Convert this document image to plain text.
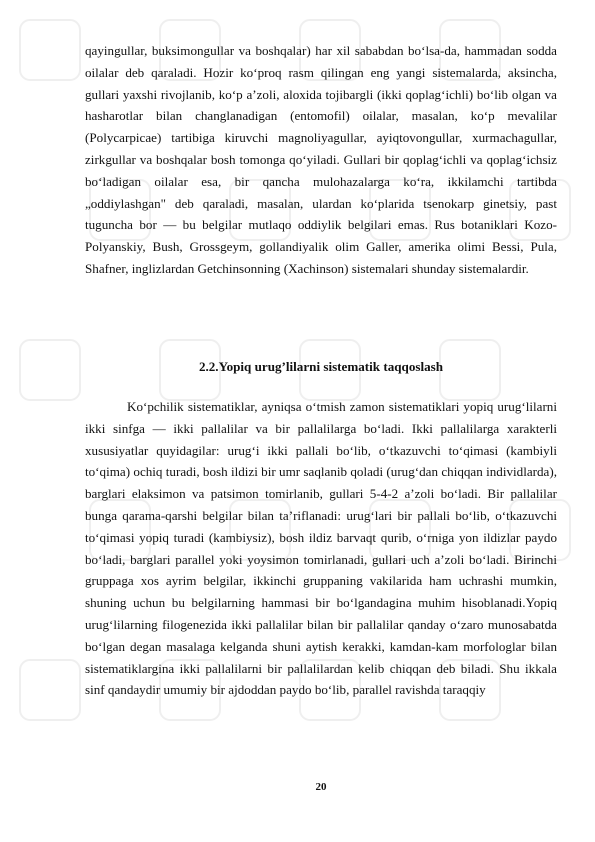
qayingullar, buksimongullar va boshqalar) har xil sababdan bo‘lsa-da, hammadan sodda oilalar deb qaraladi. Hozir ko‘proq rasm qilingan eng yangi sistemalarda, aksincha, gullari yaxshi rivojlanib, ko‘p a’zoli, aloxida tojibargli (ikki qoplag‘ichli) bo‘lib olgan va hasharotlar bilan changlanadigan (entomofil) oilalar, masalan, ko‘p mevalilar (Polycarpicae) tartibiga kiruvchi magnoliyagullar, ayiqtovongullar, xurmachagullar, zirkgullar va boshqalar bosh tomonga qo‘yiladi. Gullari bir qoplag‘ichli va qoplag‘ichsiz bo‘ladigan oilalar esa, bir qancha mulohazalarga ko‘ra, ikkilamchi tartibda „oddiylashgan" deb qaraladi, masalan, ulardan ko‘plarida tsenokarp ginetsiy, past tuguncha bor — bu belgilar mutlaqo oddiylik belgilari emas. Rus botaniklari Kozo-Polyanskiy, Bush, Grossgeym, gollandiyalik olim Galler, amerika olimi Bessi, Pula, Shafner, inglizlardan Getchinsonning (Xachinson) sistemalari shunday sistemalardir.
2.2.Yopiq urug’lilarni sistematik taqqoslash
Ko‘pchilik sistematiklar, ayniqsa o‘tmish zamon sistematiklari yopiq urug‘lilarni ikki sinfga — ikki pallalilar va bir pallalilarga bo‘ladi. Ikki pallalilarga xarakterli xususiyatlar quyidagilar: urug‘i ikki pallali bo‘lib, o‘tkazuvchi to‘qimasi (kambiyli to‘qima) ochiq turadi, bosh ildizi bir umr saqlanib qoladi (urug‘dan chiqqan individlarda), barglari elaksimon va patsimon tomirlanib, gullari 5-4-2 a’zoli bo‘ladi. Bir pallalilar bunga qarama-qarshi belgilar bilan ta’riflanadi: urug‘lari bir pallali bo‘lib, o‘tkazuvchi to‘qimasi yopiq turadi (kambiysiz), bosh ildiz barvaqt qurib, o‘rniga yon ildizlar paydo bo‘ladi, barglari parallel yoki yoysimon tomirlanadi, gullari uch a’zoli bo‘ladi. Birinchi gruppaga xos ayrim belgilar, ikkinchi gruppaning vakilarida ham uchrashi mumkin, shuning uchun bu belgilarning hammasi bir bo‘lgandagina muhim hisoblanadi.Yopiq urug‘lilarning filogenezida ikki pallalilar bilan bir pallalilar qanday o‘zaro munosabatda bo‘lgan degan masalaga kelganda shuni aytish kerakki, kamdan-kam morfologlar bilan sistematiklargina ikki pallalilarni bir pallalilardan kelib chiqqan deb biladi. Shu ikkala sinf qandaydir umumiy bir ajdoddan paydo bo‘lib, parallel ravishda taraqqiy
20
